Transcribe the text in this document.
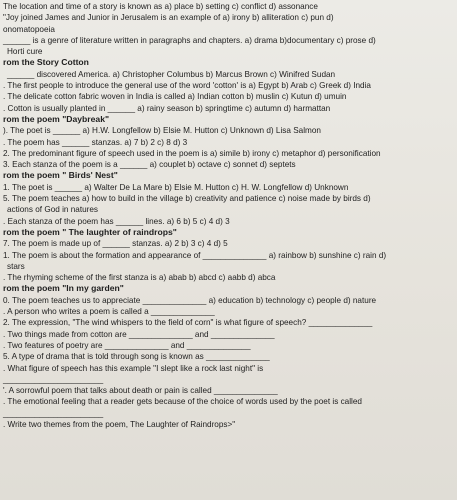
The location and time of a story is known as a) place b) setting c) conflict d) assonance
"Joy joined James and Junior in Jerusalem is an example of a) irony b) alliteration c) pun d)
onomatopoeia
______ is a genre of literature written in paragraphs and chapters. a) drama b)documentary c) prose d)
Horti cure
rom the Story Cotton
______ discovered America. a) Christopher Columbus b) Marcus Brown c) Winifred Sudan
. The first people to introduce the general use of the word 'cotton' is a) Egypt b) Arab c) Greek d) India
. The delicate cotton fabric woven in India is called a) Indian cotton b) muslin c) Kutun d) umuin
. Cotton is usually planted in ______ a) rainy season b) springtime c) autumn d) harmattan
rom the poem "Daybreak"
). The poet is ______ a) H.W. Longfellow b) Elsie M. Hutton c) Unknown d) Lisa Salmon
. The poem has ______ stanzas. a) 7 b) 2 c) 8 d) 3
2. The predominant figure of speech used in the poem is a) simile b) irony c) metaphor d) personification
3. Each stanza of the poem is a ______ a) couplet b) octave c) sonnet d) septets
rom the poem " Birds' Nest"
1. The poet is ______ a) Walter De La Mare b) Elsie M. Hutton c) H. W. Longfellow d) Unknown
5. The poem teaches a) how to build in the village b) creativity and patience c) noise made by birds d)
actions of God in natures
. Each stanza of the poem has ______ lines. a) 6 b) 5 c) 4 d) 3
rom the poem " The laughter of raindrops"
7. The poem is made up of ______ stanzas. a) 2 b) 3 c) 4 d) 5
1. The poem is about the formation and appearance of ______________ a) rainbow b) sunshine c) rain d)
stars
. The rhyming scheme of the first stanza is a) abab b) abcd c) aabb d) abca
rom the poem "In my garden"
0. The poem teaches us to appreciate ______________ a) education b) technology c) people d) nature
. A person who writes a poem is called a ______________
2. The expression, "The wind whispers to the field of corn" is what figure of speech? ______________
. Two things made from cotton are ______________ and ______________
. Two features of poetry are ______________ and ______________
5. A type of drama that is told through song is known as ______________
. What figure of speech has this example "I slept like a rock last night" is
______________________
'. A sorrowful poem that talks about death or pain is called ______________
. The emotional feeling that a reader gets because of the choice of words used by the poet is called
______________________
. Write two themes from the poem, The Laughter of Raindrops>"
